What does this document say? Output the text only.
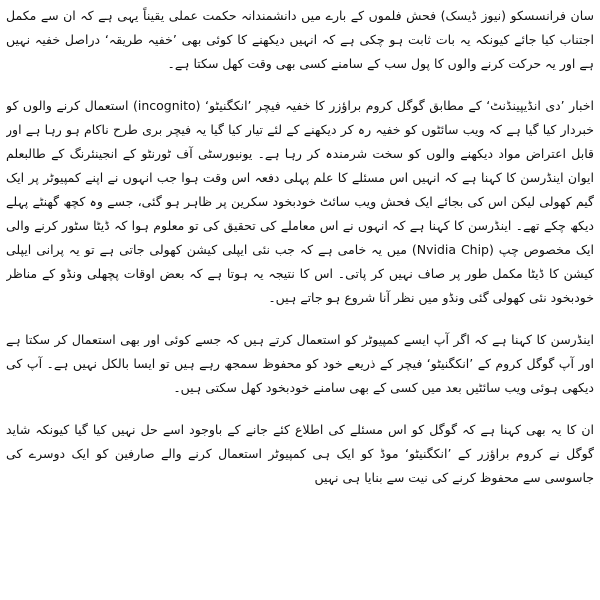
سان فرانسسکو (نیوز ڈیسک) فحش فلموں کے بارے میں دانشمندانہ حکمت عملی یقیناً یہی ہے کہ ان سے مکمل اجتناب کیا جائے کیونکہ یہ بات ثابت ہو چکی ہے کہ انہیں دیکھنے کا کوئی بھی ’خفیہ طریقہ‘ دراصل خفیہ نہیں ہے اور یہ حرکت کرنے والوں کا پول سب کے سامنے کسی بھی وقت کھل سکتا ہے۔

اخبار ’دی انڈیپینڈنٹ‘ کے مطابق گوگل کروم براﺅزر کا خفیہ فیچر ’انکگنیٹو‘ (incognito) استعمال کرنے والوں کو خبردار کیا گیا ہے کہ ویب سائٹوں کو خفیہ رہ کر دیکھنے کے لئے تیار کیا گیا یہ فیچر بری طرح ناکام ہو رہا ہے اور قابل اعتراض مواد دیکھنے والوں کو سخت شرمندہ کر رہا ہے۔ یونیورسٹی آف ٹورنٹو کے انجینئرنگ کے طالبعلم ایوان اینڈرسن کا کہنا ہے کہ انہیں اس مسئلے کا علم پہلی دفعہ اس وقت ہوا جب انہوں نے اپنے کمپیوٹر پر ایک گیم کھولی لیکن اس کی بجائے ایک فحش ویب سائٹ خودبخود سکرین پر ظاہر ہو گئی، جسے وہ کچھ گھنٹے پہلے دیکھ چکے تھے۔ اینڈرسن کا کہنا ہے کہ انہوں نے اس معاملے کی تحقیق کی تو معلوم ہوا کہ ڈیٹا سٹور کرنے والی ایک مخصوص چپ (Nvidia Chip) میں یہ خامی ہے کہ جب نئی ایپلی کیشن کھولی جاتی ہے تو یہ پرانی ایپلی کیشن کا ڈیٹا مکمل طور پر صاف نہیں کر پاتی۔ اس کا نتیجہ یہ ہوتا ہے کہ بعض اوقات پچھلی ونڈو کے مناظر خودبخود نئی کھولی گئی ونڈو میں نظر آنا شروع ہو جاتے ہیں۔

اینڈرسن کا کہنا ہے کہ اگر آپ ایسے کمپیوٹر کو استعمال کرتے ہیں کہ جسے کوئی اور بھی استعمال کر سکتا ہے اور آپ گوگل کروم کے ’انکگنیٹو‘ فیچر کے ذریعے خود کو محفوظ سمجھ رہے ہیں تو ایسا بالکل نہیں ہے۔ آپ کی دیکھی ہوئی ویب سائٹیں بعد میں کسی کے بھی سامنے خودبخود کھل سکتی ہیں۔

ان کا یہ بھی کہنا ہے کہ گوگل کو اس مسئلے کی اطلاع کئے جانے کے باوجود اسے حل نہیں کیا گیا کیونکہ شاید گوگل نے کروم براﺅزر کے ’انکگنیٹو‘ موڈ کو ایک ہی کمپیوٹر استعمال کرنے والے صارفین کو ایک دوسرے کی جاسوسی سے محفوظ کرنے کی نیت سے بنایا ہی نہیں
